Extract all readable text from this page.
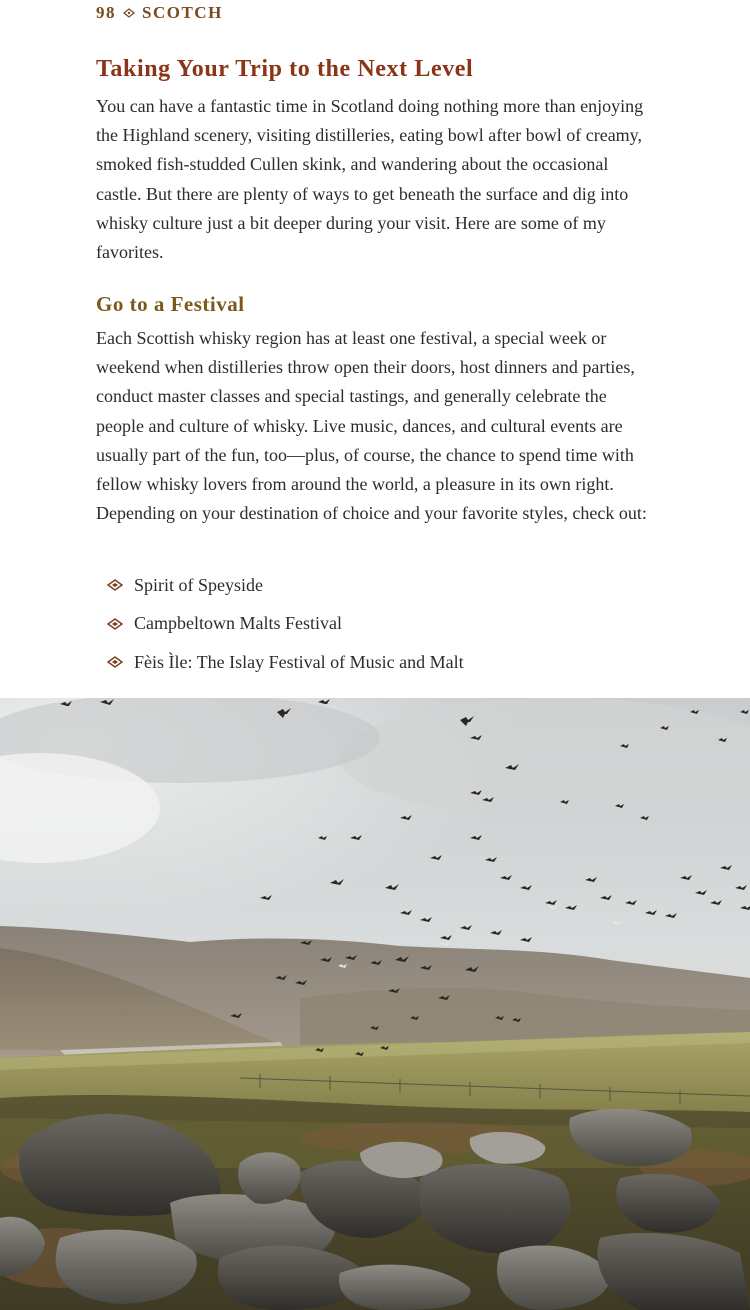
98 SCOTCH
Taking Your Trip to the Next Level

You can have a fantastic time in Scotland doing nothing more than enjoying the Highland scenery, visiting distilleries, eating bowl after bowl of creamy, smoked fish-studded Cullen skink, and wandering about the occasional castle. But there are plenty of ways to get beneath the surface and dig into whisky culture just a bit deeper during your visit. Here are some of my favorites.

Go to a Festival

Each Scottish whisky region has at least one festival, a special week or weekend when distilleries throw open their doors, host dinners and parties, conduct master classes and special tastings, and generally celebrate the people and culture of whisky. Live music, dances, and cultural events are usually part of the fun, too—plus, of course, the chance to spend time with fellow whisky lovers from around the world, a pleasure in its own right. Depending on your destination of choice and your favorite styles, check out:

Spirit of Speyside
Campbeltown Malts Festival
Fèis Ìle: The Islay Festival of Music and Malt
